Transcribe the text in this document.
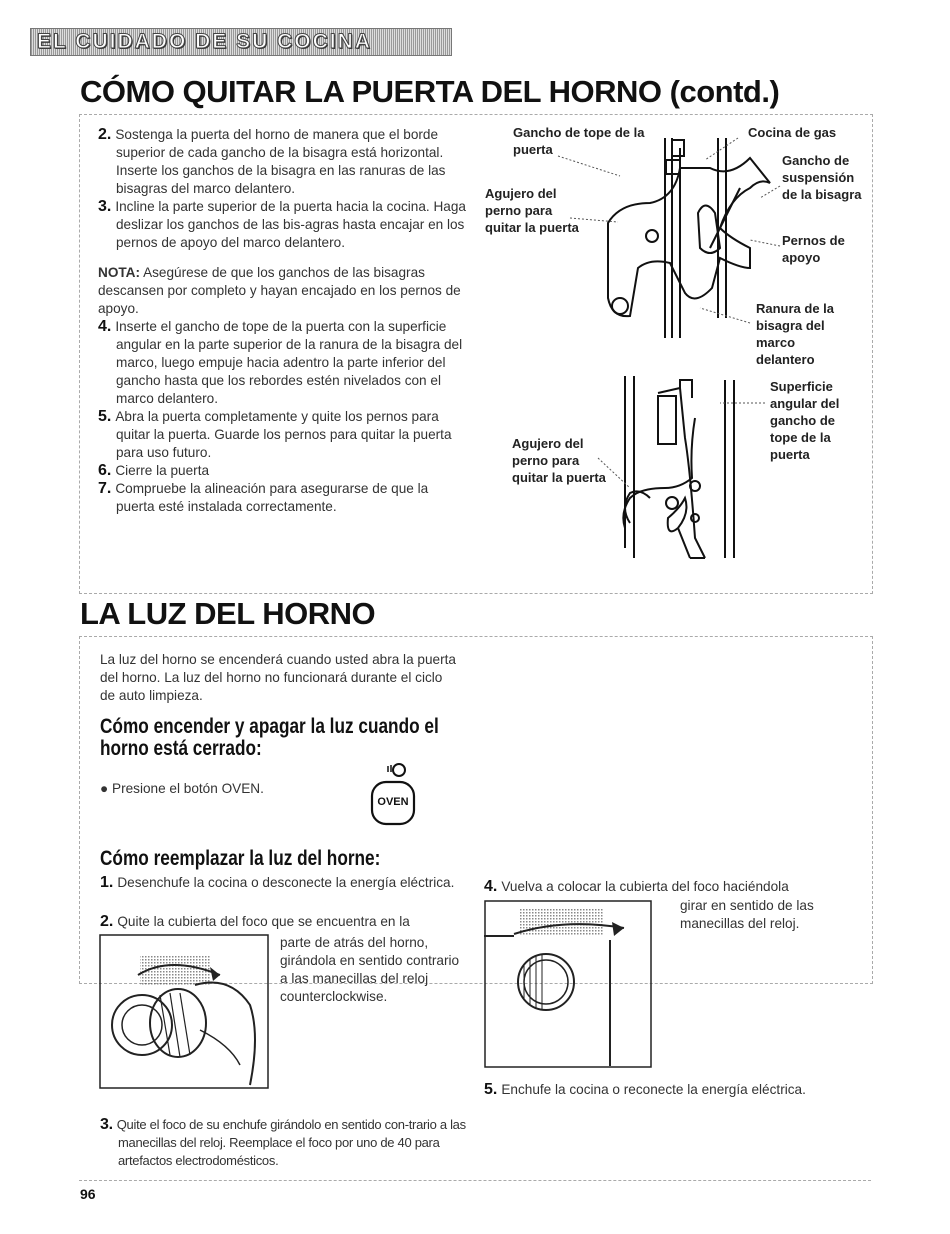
EL CUIDADO DE SU COCINA
CÓMO QUITAR LA PUERTA DEL HORNO (contd.)
2. Sostenga la puerta del horno de manera que el borde superior de cada gancho de la bisagra está horizontal. Inserte los ganchos de la bisagra en las ranuras de las bisagras del marco delantero.
3. Incline la parte superior de la puerta hacia la cocina. Haga deslizar los ganchos de las bis-agras hasta encajar en los pernos de apoyo del marco delantero.
NOTA: Asegúrese de que los ganchos de las bisagras descansen por completo y hayan encajado en los pernos de apoyo.
4. Inserte el gancho de tope de la puerta con la superficie angular en la parte superior de la ranura de la bisagra del marco, luego empuje hacia adentro la parte inferior del gancho hasta que los rebordes estén nivelados con el marco delantero.
5. Abra la puerta completamente y quite los pernos para quitar la puerta. Guarde los pernos para quitar la puerta para uso futuro.
6. Cierre la puerta
7. Compruebe la alineación para asegurarse de que la puerta esté instalada correctamente.
Gancho de tope de la puerta
Cocina de gas
Gancho de suspensión de la bisagra
Agujero del perno para quitar la puerta
Pernos de apoyo
Ranura de la bisagra del marco delantero
Superficie angular del gancho de tope de la puerta
Agujero del perno para quitar la puerta
LA LUZ DEL HORNO
La luz del horno se encenderá cuando usted abra la puerta del horno. La luz del horno no funcionará durante el ciclo de auto limpieza.
Cómo encender y apagar la luz cuando el horno está cerrado:
● Presione el botón OVEN.
OVEN
Cómo reemplazar la luz del horne:
1. Desenchufe la cocina o desconecte la energía eléctrica.
2. Quite la cubierta del foco que se encuentra en la
parte de atrás del horno, girándola en sentido contrario a las manecillas del reloj counterclockwise.
3. Quite el foco de su enchufe girándolo en sentido con-trario a las manecillas del reloj. Reemplace el foco por uno de 40 para artefactos electrodomésticos.
4. Vuelva a colocar la cubierta del foco haciéndola
girar en sentido de las manecillas del reloj.
5. Enchufe la cocina o reconecte la energía eléctrica.
96
